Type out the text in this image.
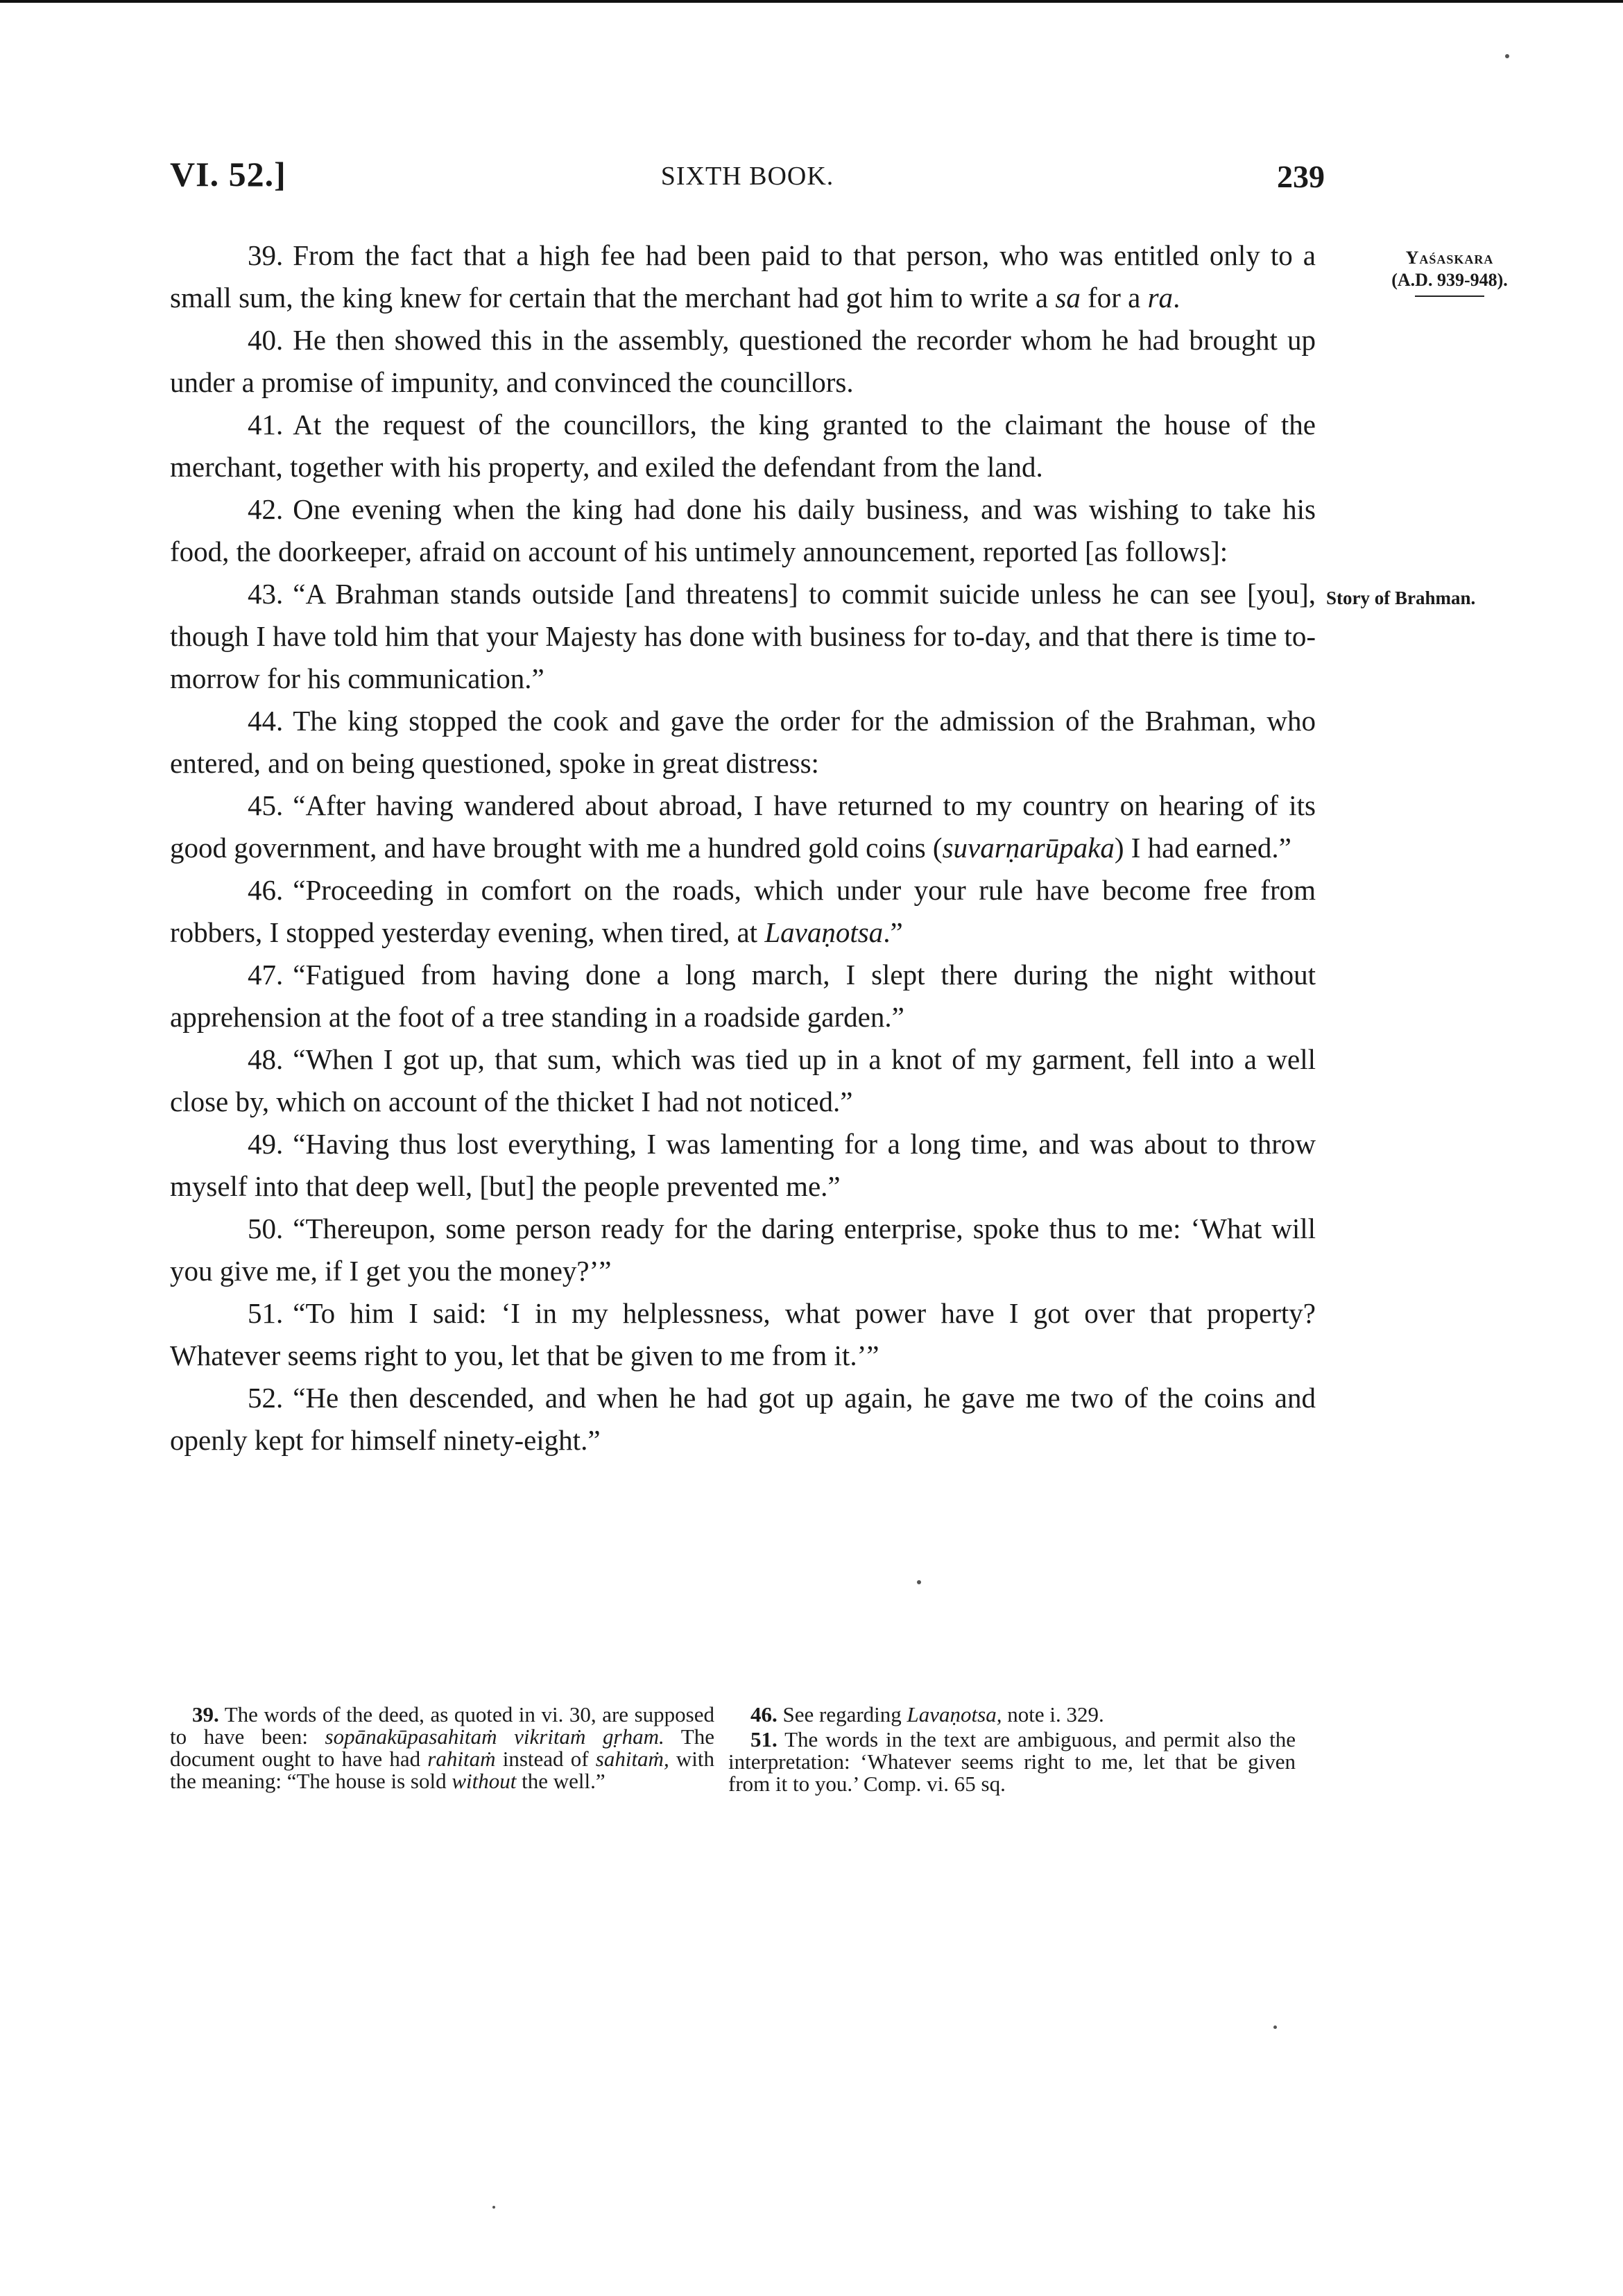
VI. 52.]	SIXTH BOOK.	239
Yaśaskara
(A.D. 939-948).
Story of Brahman.

39. From the fact that a high fee had been paid to that person, who was entitled only to a small sum, the king knew for certain that the merchant had got him to write a sa for a ra.

40. He then showed this in the assembly, questioned the recorder whom he had brought up under a promise of impunity, and convinced the councillors.

41. At the request of the councillors, the king granted to the claimant the house of the merchant, together with his property, and exiled the defendant from the land.

42. One evening when the king had done his daily business, and was wishing to take his food, the doorkeeper, afraid on account of his untimely announcement, reported [as follows]:

43. “A Brahman stands outside [and threatens] to commit suicide unless he can see [you], though I have told him that your Majesty has done with business for to-day, and that there is time to-morrow for his communication.”

44. The king stopped the cook and gave the order for the admission of the Brahman, who entered, and on being questioned, spoke in great distress:

45. “After having wandered about abroad, I have returned to my country on hearing of its good government, and have brought with me a hundred gold coins (suvarṇarūpaka) I had earned.”

46. “Proceeding in comfort on the roads, which under your rule have become free from robbers, I stopped yesterday evening, when tired, at Lavaṇotsa.”

47. “Fatigued from having done a long march, I slept there during the night without apprehension at the foot of a tree standing in a roadside garden.”

48. “When I got up, that sum, which was tied up in a knot of my garment, fell into a well close by, which on account of the thicket I had not noticed.”

49. “Having thus lost everything, I was lamenting for a long time, and was about to throw myself into that deep well, [but] the people prevented me.”

50. “Thereupon, some person ready for the daring enterprise, spoke thus to me: ‘What will you give me, if I get you the money?’”

51. “To him I said: ‘I in my helplessness, what power have I got over that property? Whatever seems right to you, let that be given to me from it.’”

52. “He then descended, and when he had got up again, he gave me two of the coins and openly kept for himself ninety-eight.”

39. The words of the deed, as quoted in vi. 30, are supposed to have been: sopānakūpasahitaṁ vikritaṁ gṛham. The document ought to have had rahitaṁ instead of sahitaṁ, with the meaning: “The house is sold without the well.”

46. See regarding Lavaṇotsa, note i. 329.

51. The words in the text are ambiguous, and permit also the interpretation: ‘Whatever seems right to me, let that be given from it to you.’ Comp. vi. 65 sq.
